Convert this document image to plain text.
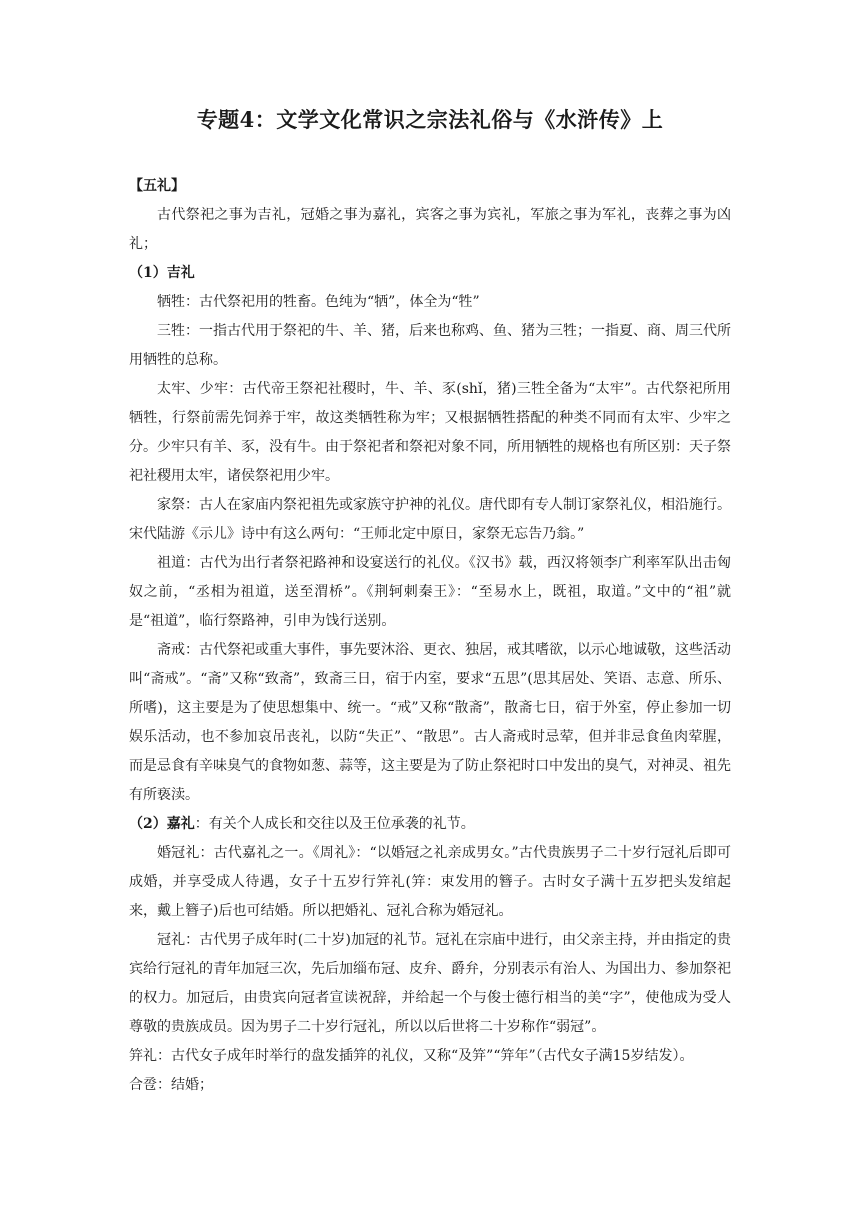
专题4：文学文化常识之宗法礼俗与《水浒传》上

【五礼】

古代祭祀之事为吉礼，冠婚之事为嘉礼，宾客之事为宾礼，军旅之事为军礼，丧葬之事为凶礼；

（1）吉礼

牺牲：古代祭祀用的牲畜。色纯为“牺”，体全为“牲”

三牲：一指古代用于祭祀的牛、羊、猪，后来也称鸡、鱼、猪为三牲；一指夏、商、周三代所用牺牲的总称。

太牢、少牢：古代帝王祭祀社稷时，牛、羊、豕(shǐ，猪)三牲全备为“太牢”。古代祭祀所用牺牲，行祭前需先饲养于牢，故这类牺牲称为牢；又根据牺牲搭配的种类不同而有太牢、少牢之分。少牢只有羊、豕，没有牛。由于祭祀者和祭祀对象不同，所用牺牲的规格也有所区别：天子祭祀社稷用太牢，诸侯祭祀用少牢。

家祭：古人在家庙内祭祀祖先或家族守护神的礼仪。唐代即有专人制订家祭礼仪，相沿施行。宋代陆游《示儿》诗中有这么两句：“王师北定中原日，家祭无忘告乃翁。”

祖道：古代为出行者祭祀路神和设宴送行的礼仪。《汉书》载，西汉将领李广利率军队出击匈奴之前，“丞相为祖道，送至渭桥”。《荆轲刺秦王》：“至易水上，既祖，取道。”文中的“祖”就是“祖道”，临行祭路神，引申为饯行送别。

斋戒：古代祭祀或重大事件，事先要沐浴、更衣、独居，戒其嗜欲，以示心地诚敬，这些活动叫“斋戒”。“斋”又称“致斋”，致斋三日，宿于内室，要求“五思”(思其居处、笑语、志意、所乐、所嗜)，这主要是为了使思想集中、统一。“戒”又称“散斋”，散斋七日，宿于外室，停止参加一切娱乐活动，也不参加哀吊丧礼，以防“失正”、“散思”。古人斋戒时忌荤，但并非忌食鱼肉荤腥，而是忌食有辛味臭气的食物如葱、蒜等，这主要是为了防止祭祀时口中发出的臭气，对神灵、祖先有所亵渎。

（2）嘉礼：有关个人成长和交往以及王位承袭的礼节。

婚冠礼：古代嘉礼之一。《周礼》：“以婚冠之礼亲成男女。”古代贵族男子二十岁行冠礼后即可成婚，并享受成人待遇，女子十五岁行笄礼(笄：束发用的簪子。古时女子满十五岁把头发绾起来，戴上簪子)后也可结婚。所以把婚礼、冠礼合称为婚冠礼。

冠礼：古代男子成年时(二十岁)加冠的礼节。冠礼在宗庙中进行，由父亲主持，并由指定的贵宾给行冠礼的青年加冠三次，先后加缁布冠、皮弁、爵弁，分别表示有治人、为国出力、参加祭祀的权力。加冠后，由贵宾向冠者宣读祝辞，并给起一个与俊士德行相当的美“字”，使他成为受人尊敬的贵族成员。因为男子二十岁行冠礼，所以以后世将二十岁称作“弱冠”。

笄礼：古代女子成年时举行的盘发插笄的礼仪，又称“及笄”“笄年”（古代女子满15岁结发）。

合卺：结婚；
